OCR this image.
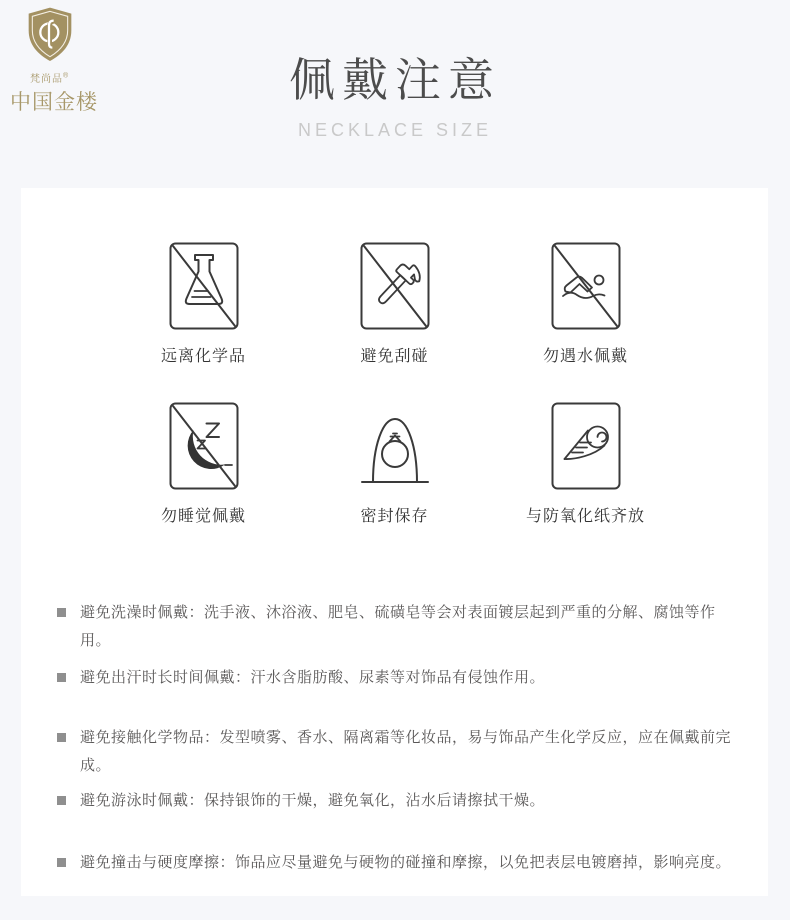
梵尚品®
中国金楼	佩戴注意
NECKLACE SIZE
远离化学品	避免刮碰	勿遇水佩戴
勿睡觉佩戴	密封保存	与防氧化纸齐放
避免洗澡时佩戴：洗手液、沐浴液、肥皂、硫磺皂等会对表面镀层起到严重的分解、腐蚀等作用。
避免出汗时长时间佩戴：汗水含脂肪酸、尿素等对饰品有侵蚀作用。
避免接触化学物品：发型喷雾、香水、隔离霜等化妆品，易与饰品产生化学反应，应在佩戴前完成。
避免游泳时佩戴：保持银饰的干燥，避免氧化，沾水后请擦拭干燥。
避免撞击与硬度摩擦：饰品应尽量避免与硬物的碰撞和摩擦，以免把表层电镀磨掉，影响亮度。
